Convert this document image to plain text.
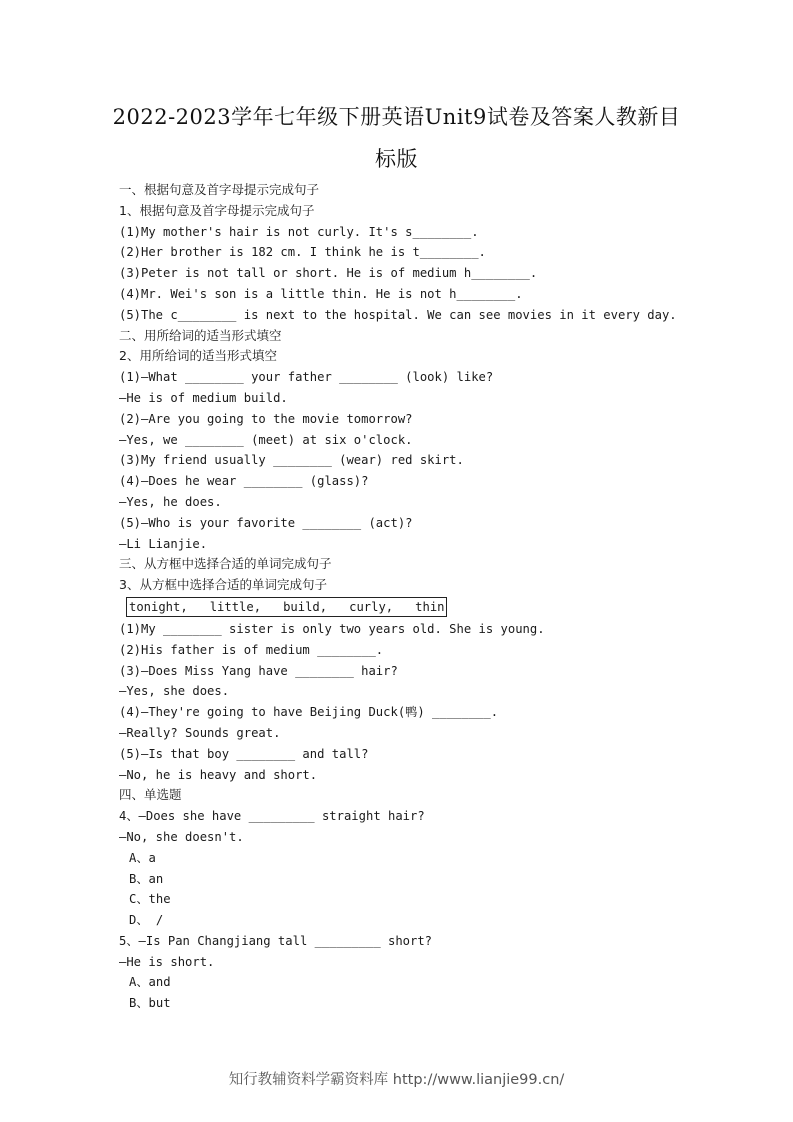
2022-2023学年七年级下册英语Unit9试卷及答案人教新目
标版
一、根据句意及首字母提示完成句子
1、根据句意及首字母提示完成句子
(1)My mother's hair is not curly. It's s________.
(2)Her brother is 182 cm. I think he is t________.
(3)Peter is not tall or short. He is of medium h________.
(4)Mr. Wei's son is a little thin. He is not h________.
(5)The c________ is next to the hospital. We can see movies in it every day.
二、用所给词的适当形式填空
2、用所给词的适当形式填空
(1)—What ________ your father ________ (look) like?
—He is of medium build.
(2)—Are you going to the movie tomorrow?
—Yes, we ________ (meet) at six o'clock.
(3)My friend usually ________ (wear) red skirt.
(4)—Does he wear ________ (glass)?
—Yes, he does.
(5)—Who is your favorite ________ (act)?
—Li Lianjie.
三、从方框中选择合适的单词完成句子
3、从方框中选择合适的单词完成句子
tonight,   little,   build,   curly,   thin
(1)My ________ sister is only two years old. She is young.
(2)His father is of medium ________.
(3)—Does Miss Yang have ________ hair?
—Yes, she does.
(4)—They're going to have Beijing Duck(鸭) ________.
—Really? Sounds great.
(5)—Is that boy ________ and tall?
—No, he is heavy and short.
四、单选题
4、—Does she have _________ straight hair?
—No, she doesn't.
A、a
B、an
C、the
D、 /
5、—Is Pan Changjiang tall _________ short?
—He is short.
A、and
B、but
知行教辅资料学霸资料库 http://www.lianjie99.cn/
